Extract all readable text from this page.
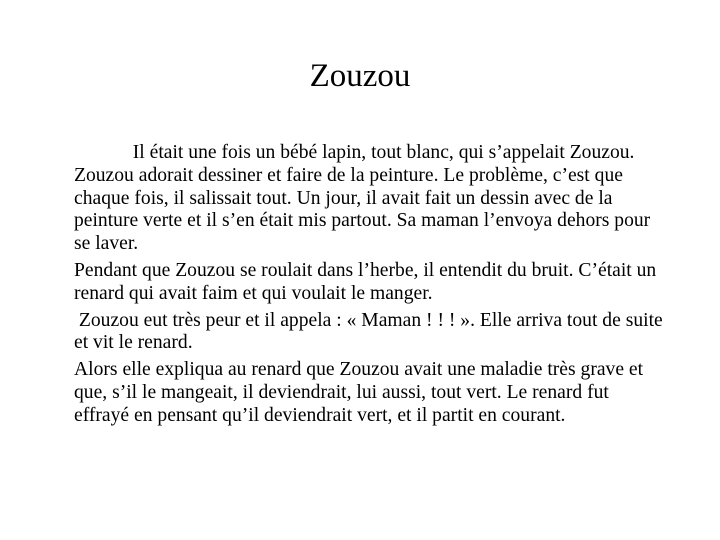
Zouzou

Il était une fois un bébé lapin, tout blanc, qui s’appelait Zouzou. Zouzou adorait dessiner et faire de la peinture. Le problème, c’est que chaque fois, il salissait tout. Un jour, il avait fait un dessin avec de la peinture verte et il s’en était mis partout. Sa maman l’envoya dehors pour se laver.

Pendant que Zouzou se roulait dans l’herbe, il entendit du bruit. C’était un renard qui avait faim et qui voulait le manger.

Zouzou eut très peur et il appela : « Maman ! ! ! ». Elle arriva tout de suite et vit le renard.

Alors elle expliqua au renard que Zouzou avait une maladie très grave et que, s’il le mangeait, il deviendrait, lui aussi, tout vert. Le renard fut effrayé en pensant qu’il deviendrait vert, et il partit en courant.
